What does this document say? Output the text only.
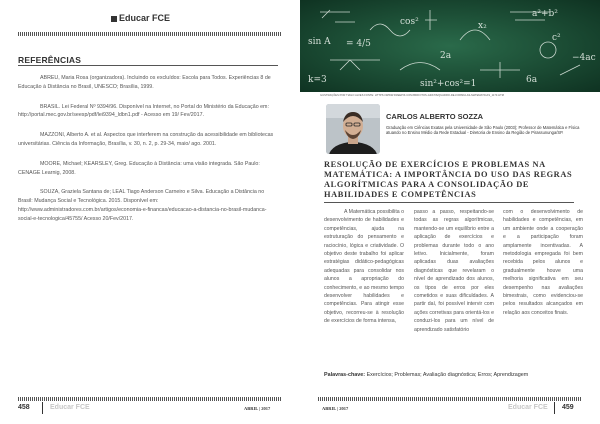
Educar FCE
REFERÊNCIAS

ABREU, Maria Rosa (organizadora). Incluindo os excluídos: Escola para Todos. Experiências 8 de Educação à Distância no Brasil, UNESCO; Brasília, 1999.

BRASIL. Lei Federal Nº 9394/96. Disponível na Internet, no Portal do Ministério da Educação em: http://portal.mec.gov.br/seesp/pdf/lei9394_ldbn1.pdf - Acesso em 19/ Fev/2017.

MAZZONI, Alberto A. et al. Aspectos que interferem na construção da acessibilidade em bibliotecas universitárias. Ciência da Informação, Brasília, v. 30, n. 2, p. 29-34, maio/ ago. 2001.

MOORE, Michael; KEARSLEY, Greg. Educação à Distância: uma visão integrada. São Paulo: CENAGE Learnig, 2008.

SOUZA, Graziela Santana de; LEAL Tiago Anderson Carneiro e Silva. Educação a Distância no Brasil: Mudança Social e Tecnológica. 2015. Disponível em: http://www.administradores.com.br/artigos/economia-e-financas/educacao-a-distancia-no-brasil-mudanca-social-e-tecnologica/45755/ Acesso 20/Fev/2017.

458	Educar FCE	ABRIL | 2017
sin A = 4/5
cos²
2a
x₂
a²+b²
c²
k=3	sin²+cos²=1	6a
−4ac
ILUSTRAÇÕES POR TIAGO ALVES FONTE: HTTPS://WWW.FREEPIK.COM.BR/FOTOS-GRATIS/QUADRO-DE-FORMULAS-MATEMATICAS_1173.HTM
CARLOS ALBERTO SOZZA
Graduação em Ciências Exatas pela Universidade de São Paulo (2003); Professor de Matemática e Física atuando no Ensino Médio da Rede Estadual - Diretoria de Ensino da Região de Pirassununga/SP.
RESOLUÇÃO DE EXERCÍCIOS E PROBLEMAS NA MATEMÁTICA: A IMPORTÂNCIA DO USO DAS REGRAS ALGORÍTMICAS PARA A CONSOLIDAÇÃO DE HABILIDADES E COMPETÊNCIAS
A Matemática possibilita o desenvolvimento de habilidades e competências, ajuda na estruturação do pensamento e raciocínio, lógica e criatividade. O objetivo deste trabalho foi aplicar estratégias didático-pedagógicas adequadas para consolidar nos alunos a apropriação do conhecimento, e ao mesmo tempo desenvolver habilidades e competências. Para atingir esse objetivo, recorreu-se à resolução de exercícios de forma intensa,
passo a passo, respeitando-se todas as regras algorítmicas, mantendo-se um equilíbrio entre a aplicação de exercícios e problemas durante todo o ano letivo. Inicialmente, foram aplicadas duas avaliações diagnósticas que revelaram o nível de aprendizado dos alunos, os tipos de erros por eles cometidos e suas dificuldades. A partir daí, foi possível intervir com ações corretivas para orientá-los e conduzi-los para um nível de aprendizado satisfatório
com o desenvolvimento de habilidades e competências, em um ambiente onde a cooperação e a participação foram amplamente incentivadas. A metodologia empregada foi bem recebida pelos alunos e gradualmente houve uma melhoria significativa em seu desempenho nas avaliações bimestrais, como evidenciou-se pelos resultados alcançados em relação aos conceitos finais.
Palavras-chave: Exercícios; Problemas; Avaliação diagnóstica; Erros; Aprendizagem
ABRIL | 2017	Educar FCE 459
